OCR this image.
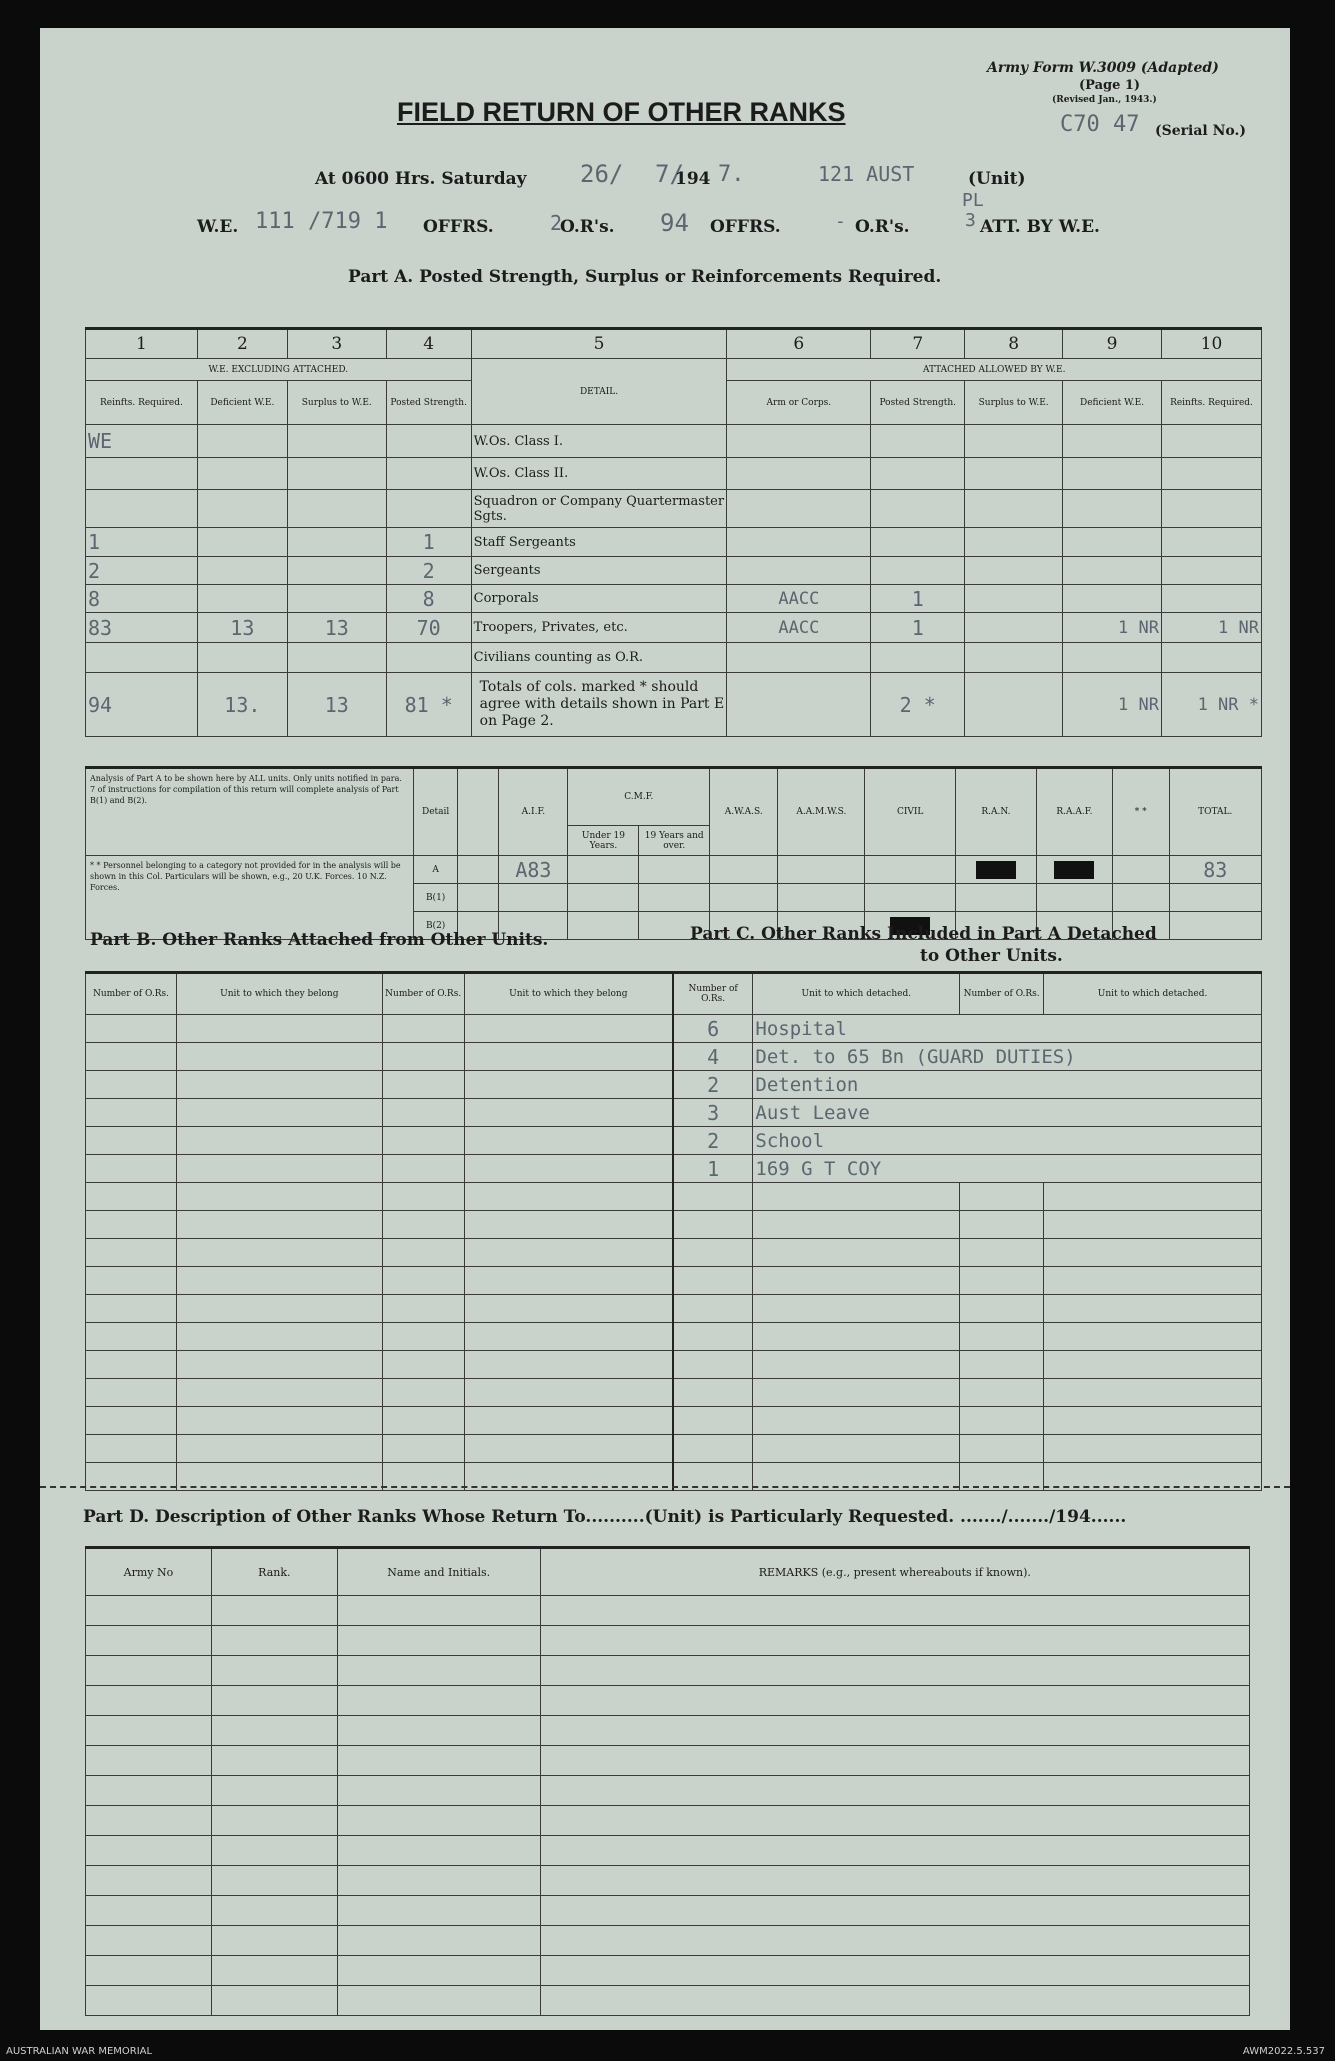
Army Form W.3009 (Adapted)
(Page 1)
(Revised Jan., 1943.)
C70 47 (Serial No.)
FIELD RETURN OF OTHER RANKS
At 0600 Hrs. Saturday 26/ 7/
194 7.	121 AUST	(Unit)
W.E. 111 /719 1 OFFRS.	2
O.R's. 94 OFFRS.	- O.R's.
PL
3 ATT. BY W.E.
Part A. Posted Strength, Surplus or Reinforcements Required.
1	2	3	4	5	6	7	8	9	10
W.E. EXCLUDING ATTACHED.				DETAIL.	ATTACHED ALLOWED BY W.E.				
Reinfts. Required.	Deficient W.E.	Surplus to W.E.	Posted Strength.		Arm or Corps.	Posted Strength.	Surplus to W.E.	Deficient W.E.	Reinfts. Required.
WE				W.Os. Class I.					
				W.Os. Class II.					
				Squadron or Company Quartermaster Sgts.					
1			1	Staff Sergeants					
2			2	Sergeants					
8			8	Corporals	AACC	1			
83	13	13	70	Troopers, Privates, etc.	AACC	1		1 NR	1 NR
				Civilians counting as O.R.					
94	13.	13	81 *	Totals of cols. marked * should agree with details shown in Part E on Page 2.		2 *		1 NR	1 NR *
Analysis of Part A to be shown here by ALL units. Only units notified in para. 7 of instructions for compilation of this return will complete analysis of Part B(1) and B(2).	Detail		A.I.F.	C.M.F.		A.W.A.S.	A.A.M.W.S.	CIVIL	R.A.N.	R.A.A.F.	* *	TOTAL.
				Under 19 Years.	19 Years and over.							
* * Personnel belonging to a category not provided for in the analysis will be shown in this Col. Particulars will be shown, e.g., 20 U.K. Forces. 10 N.Z. Forces.	A		A83									83
	B(1)											
	B(2)											
Part B. Other Ranks Attached from Other Units.	Part C. Other Ranks Included in Part A Detached
to Other Units.
Number of O.Rs.	Unit to which they belong	Number of O.Rs.	Unit to which they belong	Number of O.Rs.	Unit to which detached.	Number of O.Rs.	Unit to which detached.
				6	Hospital		
				4	Det. to 65 Bn (GUARD DUTIES)		
				2	Detention		
				3	Aust Leave		
				2	School		
				1	169 G T COY		

Part D. Description of Other Ranks Whose Return To..........(Unit) is Particularly Requested. ......./......./194......
Army No	Rank.	Name and Initials.	REMARKS (e.g., present whereabouts if known).

AUSTRALIAN WAR MEMORIAL	AWM2022.5.537
